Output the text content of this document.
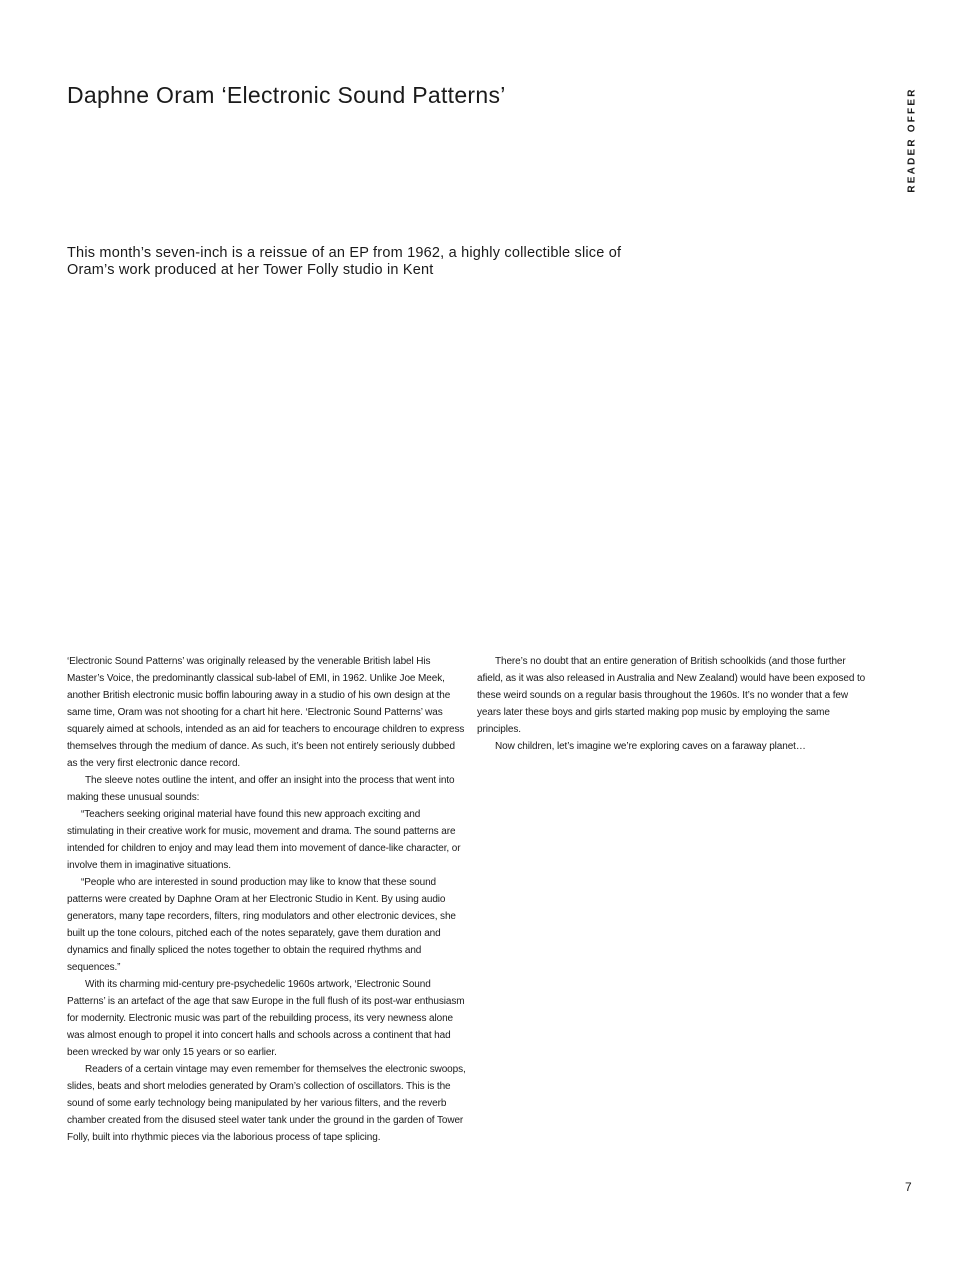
Daphne Oram ‘Electronic Sound Patterns’	READER OFFER

This month’s seven-inch is a reissue of an EP from 1962, a highly collectible slice of Oram’s work produced at her Tower Folly studio in Kent

‘Electronic Sound Patterns’ was originally released by the venerable British label His Master’s Voice, the predominantly classical sub-label of EMI, in 1962. Unlike Joe Meek, another British electronic music boffin labouring away in a studio of his own design at the same time, Oram was not shooting for a chart hit here. ‘Electronic Sound Patterns’ was squarely aimed at schools, intended as an aid for teachers to encourage children to express themselves through the medium of dance. As such, it’s been not entirely seriously dubbed as the very first electronic dance record.

The sleeve notes outline the intent, and offer an insight into the process that went into making these unusual sounds:

“Teachers seeking original material have found this new approach exciting and stimulating in their creative work for music, movement and drama. The sound patterns are intended for children to enjoy and may lead them into movement of dance-like character, or involve them in imaginative situations.

“People who are interested in sound production may like to know that these sound patterns were created by Daphne Oram at her Electronic Studio in Kent. By using audio generators, many tape recorders, filters, ring modulators and other electronic devices, she built up the tone colours, pitched each of the notes separately, gave them duration and dynamics and finally spliced the notes together to obtain the required rhythms and sequences.”

With its charming mid-century pre-psychedelic 1960s artwork, ‘Electronic Sound Patterns’ is an artefact of the age that saw Europe in the full flush of its post-war enthusiasm for modernity. Electronic music was part of the rebuilding process, its very newness alone was almost enough to propel it into concert halls and schools across a continent that had been wrecked by war only 15 years or so earlier.

Readers of a certain vintage may even remember for themselves the electronic swoops, slides, beats and short melodies generated by Oram’s collection of oscillators. This is the sound of some early technology being manipulated by her various filters, and the reverb chamber created from the disused steel water tank under the ground in the garden of Tower Folly, built into rhythmic pieces via the laborious process of tape splicing.

There’s no doubt that an entire generation of British schoolkids (and those further afield, as it was also released in Australia and New Zealand) would have been exposed to these weird sounds on a regular basis throughout the 1960s. It’s no wonder that a few years later these boys and girls started making pop music by employing the same principles.

Now children, let’s imagine we’re exploring caves on a faraway planet…

7
